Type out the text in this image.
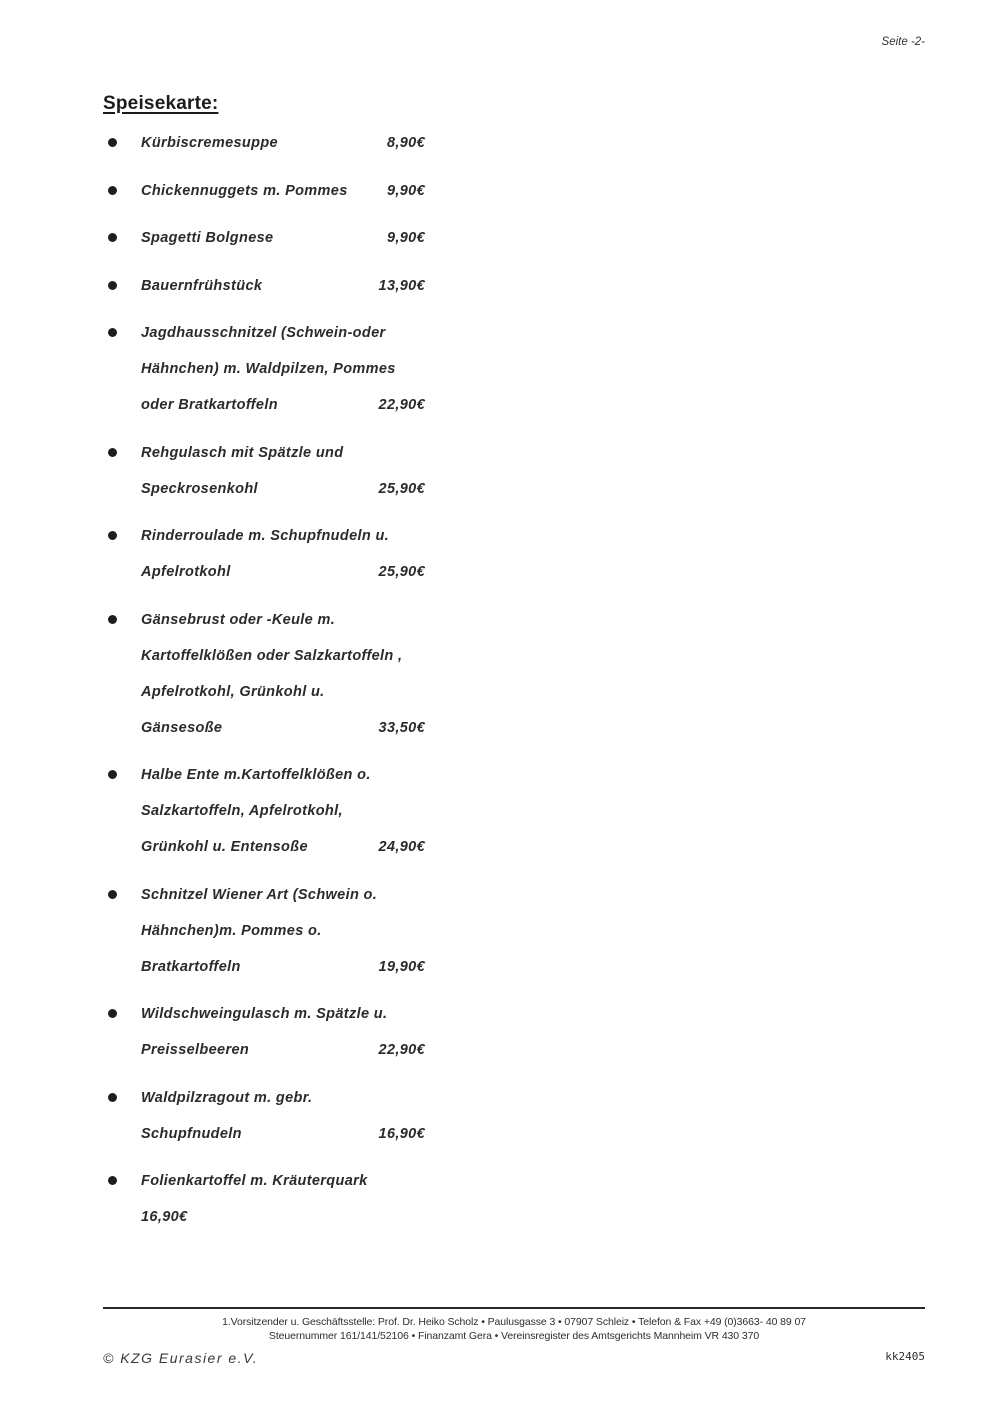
Seite -2-
Speisekarte:
Kürbiscremesuppe	8,90€
Chickennuggets m. Pommes	9,90€
Spagetti Bolgnese	9,90€
Bauernfrühstück	13,90€
Jagdhausschnitzel (Schwein-oder
Hähnchen) m. Waldpilzen, Pommes
oder Bratkartoffeln	22,90€
Rehgulasch mit Spätzle und
Speckrosenkohl	25,90€
Rinderroulade m. Schupfnudeln u.
Apfelrotkohl	25,90€
Gänsebrust oder -Keule m.
Kartoffelklößen oder Salzkartoffeln ,
Apfelrotkohl, Grünkohl u.
Gänsesoße	33,50€
Halbe Ente m.Kartoffelklößen o.
Salzkartoffeln, Apfelrotkohl,
Grünkohl u. Entensoße	24,90€
Schnitzel Wiener Art (Schwein o.
Hähnchen)m. Pommes o.
Bratkartoffeln	19,90€
Wildschweingulasch m. Spätzle u.
Preisselbeeren	22,90€
Waldpilzragout m. gebr.
Schupfnudeln	16,90€
Folienkartoffel m. Kräuterquark
16,90€
1.Vorsitzender u. Geschäftsstelle: Prof. Dr. Heiko Scholz • Paulusgasse 3 • 07907 Schleiz • Telefon & Fax +49 (0)3663- 40 89 07
Steuernummer 161/141/52106 • Finanzamt Gera • Vereinsregister des Amtsgerichts Mannheim VR 430 370
© KZG Eurasier e.V.	kk2405
